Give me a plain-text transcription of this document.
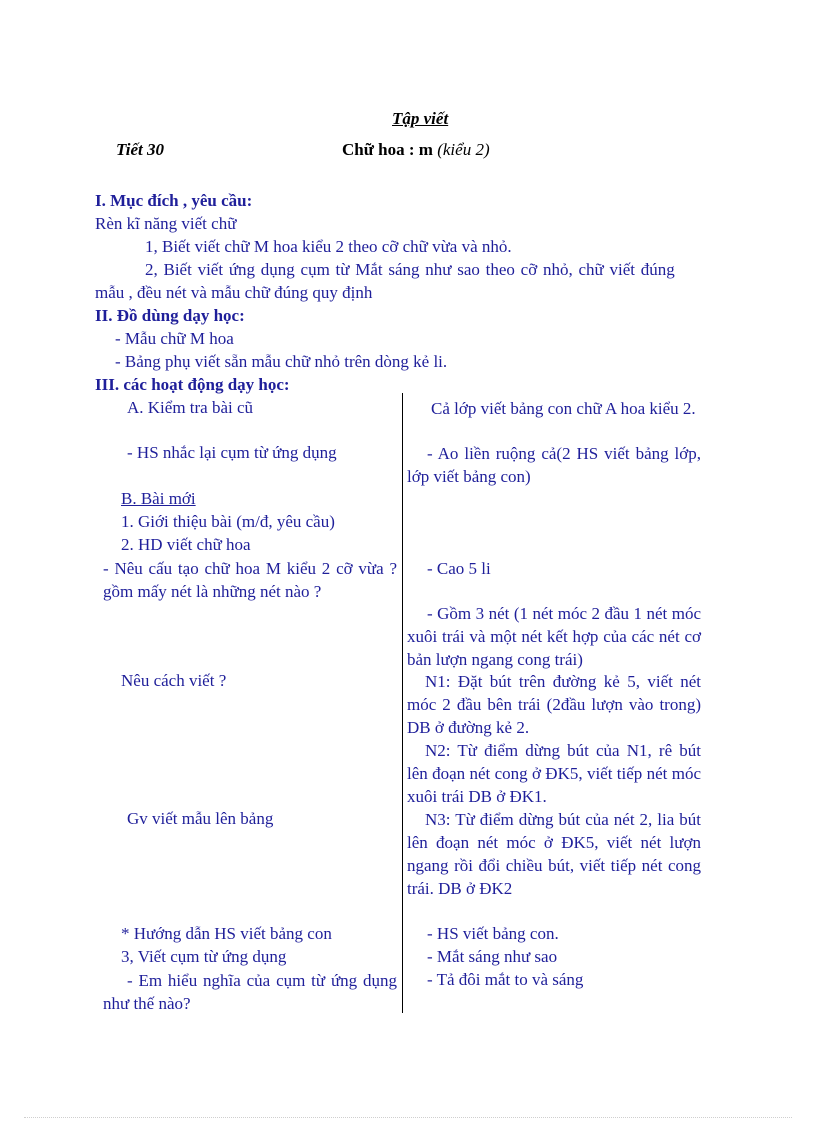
Tập viết
Tiết 30	Chữ hoa : m (kiểu 2)
I. Mục đích , yêu cầu:
Rèn kĩ năng viết chữ
1, Biết viết chữ M hoa kiểu 2 theo cỡ chữ vừa và nhỏ.
2, Biết viết ứng dụng cụm từ Mắt sáng như sao theo cỡ nhỏ, chữ viết đúng
mẫu , đều nét và mẫu chữ đúng quy định
II. Đồ dùng dạy học:
- Mẫu chữ M hoa
- Bảng phụ viết sẵn mẫu chữ nhỏ trên dòng kẻ li.
III. các hoạt động dạy học:
A. Kiểm tra bài cũ
- HS nhắc lại cụm từ ứng dụng
B. Bài mới
1. Giới thiệu bài (m/đ, yêu cầu)
2. HD viết chữ hoa
- Nêu cấu tạo chữ hoa M kiểu 2 cỡ vừa ? gồm mấy nét là những nét nào ?
Nêu cách viết ?
Gv viết mẫu lên bảng
* Hướng dẫn HS viết bảng con
3, Viết cụm từ ứng dụng
- Em hiểu nghĩa của cụm từ ứng dụng như thế nào?
Cả lớp viết bảng con chữ A hoa kiểu 2.
- Ao liền ruộng cả(2 HS viết bảng lớp, lớp viết bảng con)
- Cao 5 li
- Gồm 3 nét (1 nét móc 2 đầu 1 nét móc xuôi trái và một nét kết hợp của các nét cơ bản lượn ngang cong trái)
N1: Đặt bút trên đường kẻ 5, viết nét móc 2 đầu bên trái (2đầu lượn vào trong) DB ở đường kẻ 2.
N2: Từ điểm dừng bút của N1, rê bút lên đoạn nét cong ở ĐK5, viết tiếp nét móc xuôi trái DB ở ĐK1.
N3: Từ điểm dừng bút của nét 2, lia bút lên đoạn nét móc ở ĐK5, viết nét lượn ngang rồi đổi chiều bút, viết tiếp nét cong trái. DB ở ĐK2
- HS viết bảng con.
- Mắt sáng như sao
- Tả đôi mắt to và sáng
